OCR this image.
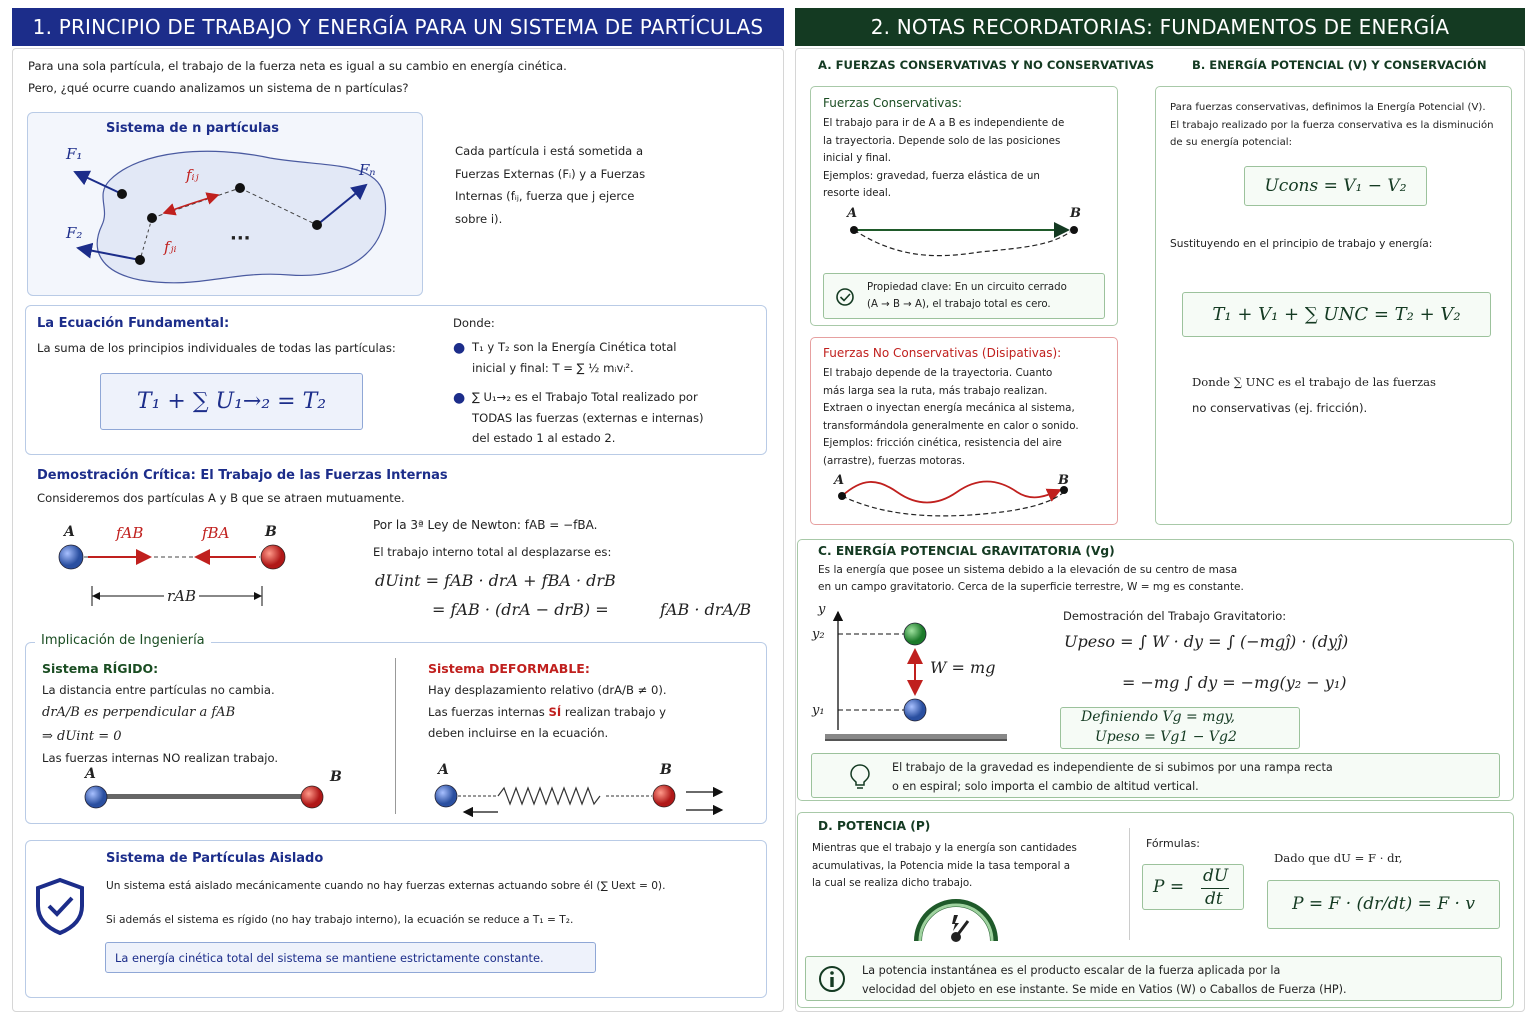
1. PRINCIPIO DE TRABAJO Y ENERGÍA PARA UN SISTEMA DE PARTÍCULAS	2. NOTAS RECORDATORIAS: FUNDAMENTOS DE ENERGÍA
Para una sola partícula, el trabajo de la fuerza neta es igual a su cambio en energía cinética.
Pero, ¿qué ocurre cuando analizamos un sistema de n partículas?
Sistema de n partículas
F₁
F₂
Fₙ
fᵢⱼ
fⱼᵢ	···
Cada partícula i está sometida a
Fuerzas Externas (Fᵢ) y a Fuerzas
Internas (fᵢⱼ, fuerza que j ejerce
sobre i).
La Ecuación Fundamental:
La suma de los principios individuales de todas las partículas:
T₁ + ∑ U₁→₂ = T₂
Donde:
● T₁ y T₂ son la Energía Cinética total
inicial y final: T = ∑ ½ mᵢvᵢ².
● ∑ U₁→₂ es el Trabajo Total realizado por
TODAS las fuerzas (externas e internas)
del estado 1 al estado 2.
Demostración Crítica: El Trabajo de las Fuerzas Internas
Consideremos dos partículas A y B que se atraen mutuamente.
A	B
fAB	fBA
rAB
Por la 3ª Ley de Newton: fAB = −fBA.
El trabajo interno total al desplazarse es:
dUint = fAB · drA + fBA · drB
= fAB · (drA − drB) =	fAB · drA/B
Implicación de Ingeniería
Sistema RÍGIDO:
La distancia entre partículas no cambia.
drA/B es perpendicular a fAB
⇒ dUint = 0
Las fuerzas internas NO realizan trabajo.
A	B
Sistema DEFORMABLE:
Hay desplazamiento relativo (drA/B ≠ 0).
Las fuerzas internas SÍ realizan trabajo y
deben incluirse en la ecuación.
A	B
Sistema de Partículas Aislado
Un sistema está aislado mecánicamente cuando no hay fuerzas externas actuando sobre él (∑ Uext = 0).
Si además el sistema es rígido (no hay trabajo interno), la ecuación se reduce a T₁ = T₂.
La energía cinética total del sistema se mantiene estrictamente constante.
A. FUERZAS CONSERVATIVAS Y NO CONSERVATIVAS
Fuerzas Conservativas:
El trabajo para ir de A a B es independiente de
la trayectoria. Depende solo de las posiciones
inicial y final.
Ejemplos: gravedad, fuerza elástica de un
resorte ideal.
A	B
Propiedad clave: En un circuito cerrado
(A → B → A), el trabajo total es cero.
Fuerzas No Conservativas (Disipativas):
El trabajo depende de la trayectoria. Cuanto
más larga sea la ruta, más trabajo realizan.
Extraen o inyectan energía mecánica al sistema,
transformándola generalmente en calor o sonido.
Ejemplos: fricción cinética, resistencia del aire
(arrastre), fuerzas motoras.
A	B
B. ENERGÍA POTENCIAL (V) Y CONSERVACIÓN
Para fuerzas conservativas, definimos la Energía Potencial (V).
El trabajo realizado por la fuerza conservativa es la disminución
de su energía potencial:
Ucons = V₁ − V₂
Sustituyendo en el principio de trabajo y energía:
T₁ + V₁ + ∑ UNC = T₂ + V₂
Donde ∑ UNC es el trabajo de las fuerzas
no conservativas (ej. fricción).
C. ENERGÍA POTENCIAL GRAVITATORIA (Vg)
Es la energía que posee un sistema debido a la elevación de su centro de masa
en un campo gravitatorio. Cerca de la superficie terrestre, W = mg es constante.
y
y₂
y₁
W = mg
Demostración del Trabajo Gravitatorio:
Upeso = ∫ W · dy = ∫ (−mgĵ) · (dyĵ)
= −mg ∫ dy = −mg(y₂ − y₁)
Definiendo Vg = mgy,
Upeso = Vg1 − Vg2
El trabajo de la gravedad es independiente de si subimos por una rampa recta
o en espiral; solo importa el cambio de altitud vertical.
D. POTENCIA (P)
Mientras que el trabajo y la energía son cantidades
acumulativas, la Potencia mide la tasa temporal a
la cual se realiza dicho trabajo.
Fórmulas:
P =
dU
dt
Dado que dU = F · dr,
P = F · (dr/dt) = F · v
La potencia instantánea es el producto escalar de la fuerza aplicada por la
velocidad del objeto en ese instante. Se mide en Vatios (W) o Caballos de Fuerza (HP).
